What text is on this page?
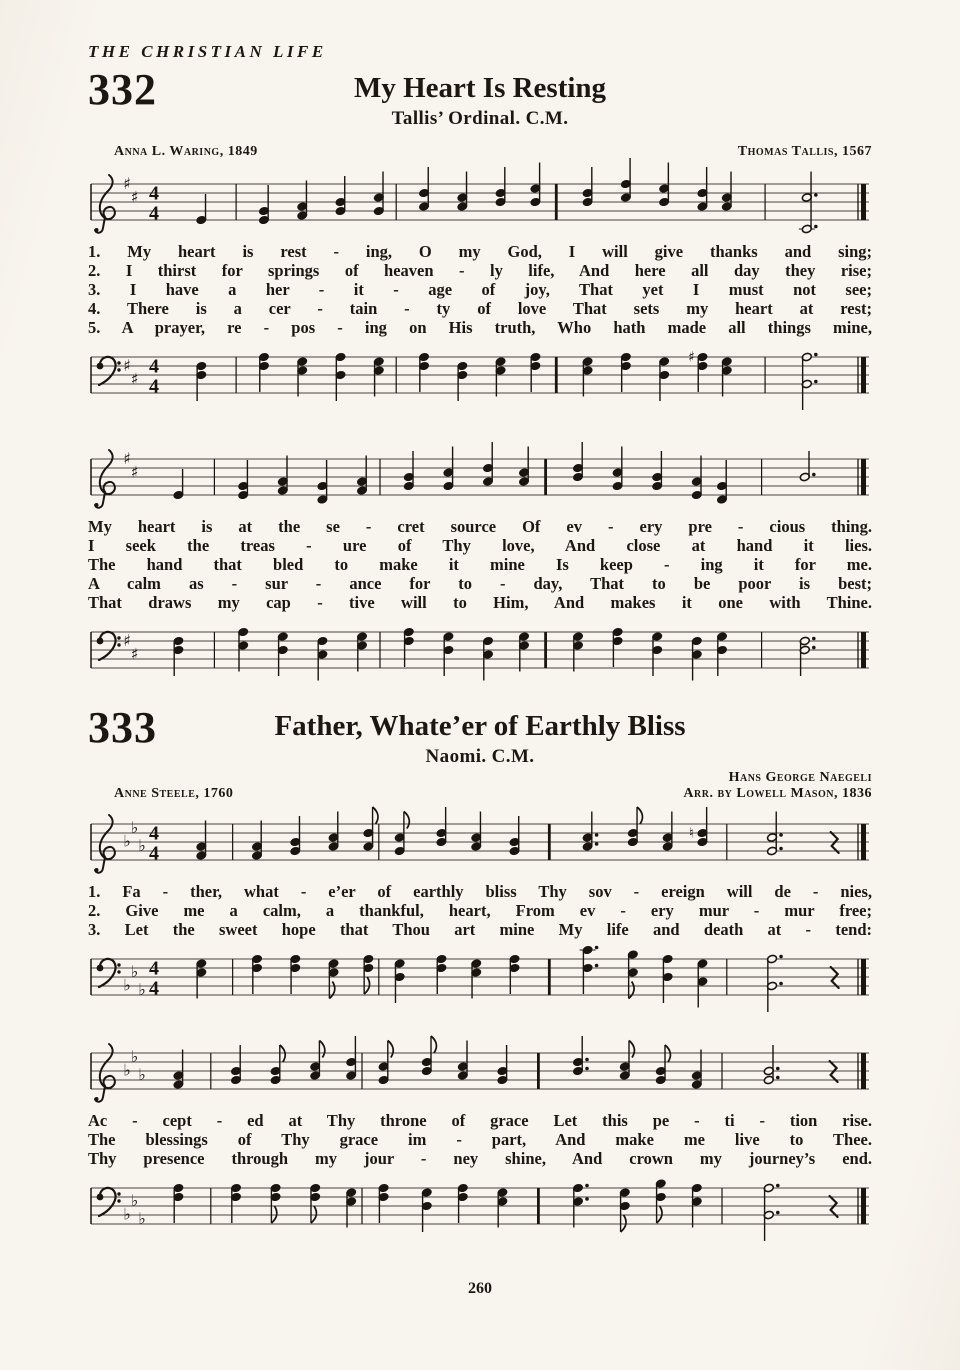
THE CHRISTIAN LIFE
332	My Heart Is Resting
Tallis’ Ordinal. C.M.
Anna L. Waring, 1849	Thomas Tallis, 1567
♯
♯ 4
4
1. My heart is rest - ing, O my God, I will give thanks and sing;
2. I thirst for springs of heaven - ly life, And here all day they rise;
3. I have a her - it - age of joy, That yet I must not see;
4. There is a cer - tain - ty of love That sets my heart at rest;
5. A prayer, re - pos - ing on His truth, Who hath made all things mine,
♯
♯
4
4
♯
♯
♯
My heart is at the se - cret source Of ev - ery pre - cious thing.
I seek the treas - ure of Thy love, And close at hand it lies.
The hand that bled to make it mine Is keep - ing it for me.
A calm as - sur - ance for to - day, That to be poor is best;
That draws my cap - tive will to Him, And makes it one with Thine.
♯
♯
333	Father, Whate’er of Earthly Bliss
Naomi. C.M.
Anne Steele, 1760
Hans George Naegeli
Arr. by Lowell Mason, 1836
♭
♭
♭
4
4
♮
1. Fa - ther, what - e’er of earthly bliss Thy sov - ereign will de - nies,
2. Give me a calm, a thankful, heart, From ev - ery mur - mur free;
3. Let the sweet hope that Thou art mine My life and death at - tend:
♭
♭
♭
4
4
♭
♭
♭
Ac - cept - ed at Thy throne of grace Let this pe - ti - tion rise.
The blessings of Thy grace im - part, And make me live to Thee.
Thy presence through my jour - ney shine, And crown my journey’s end.
♭
♭
♭
260
